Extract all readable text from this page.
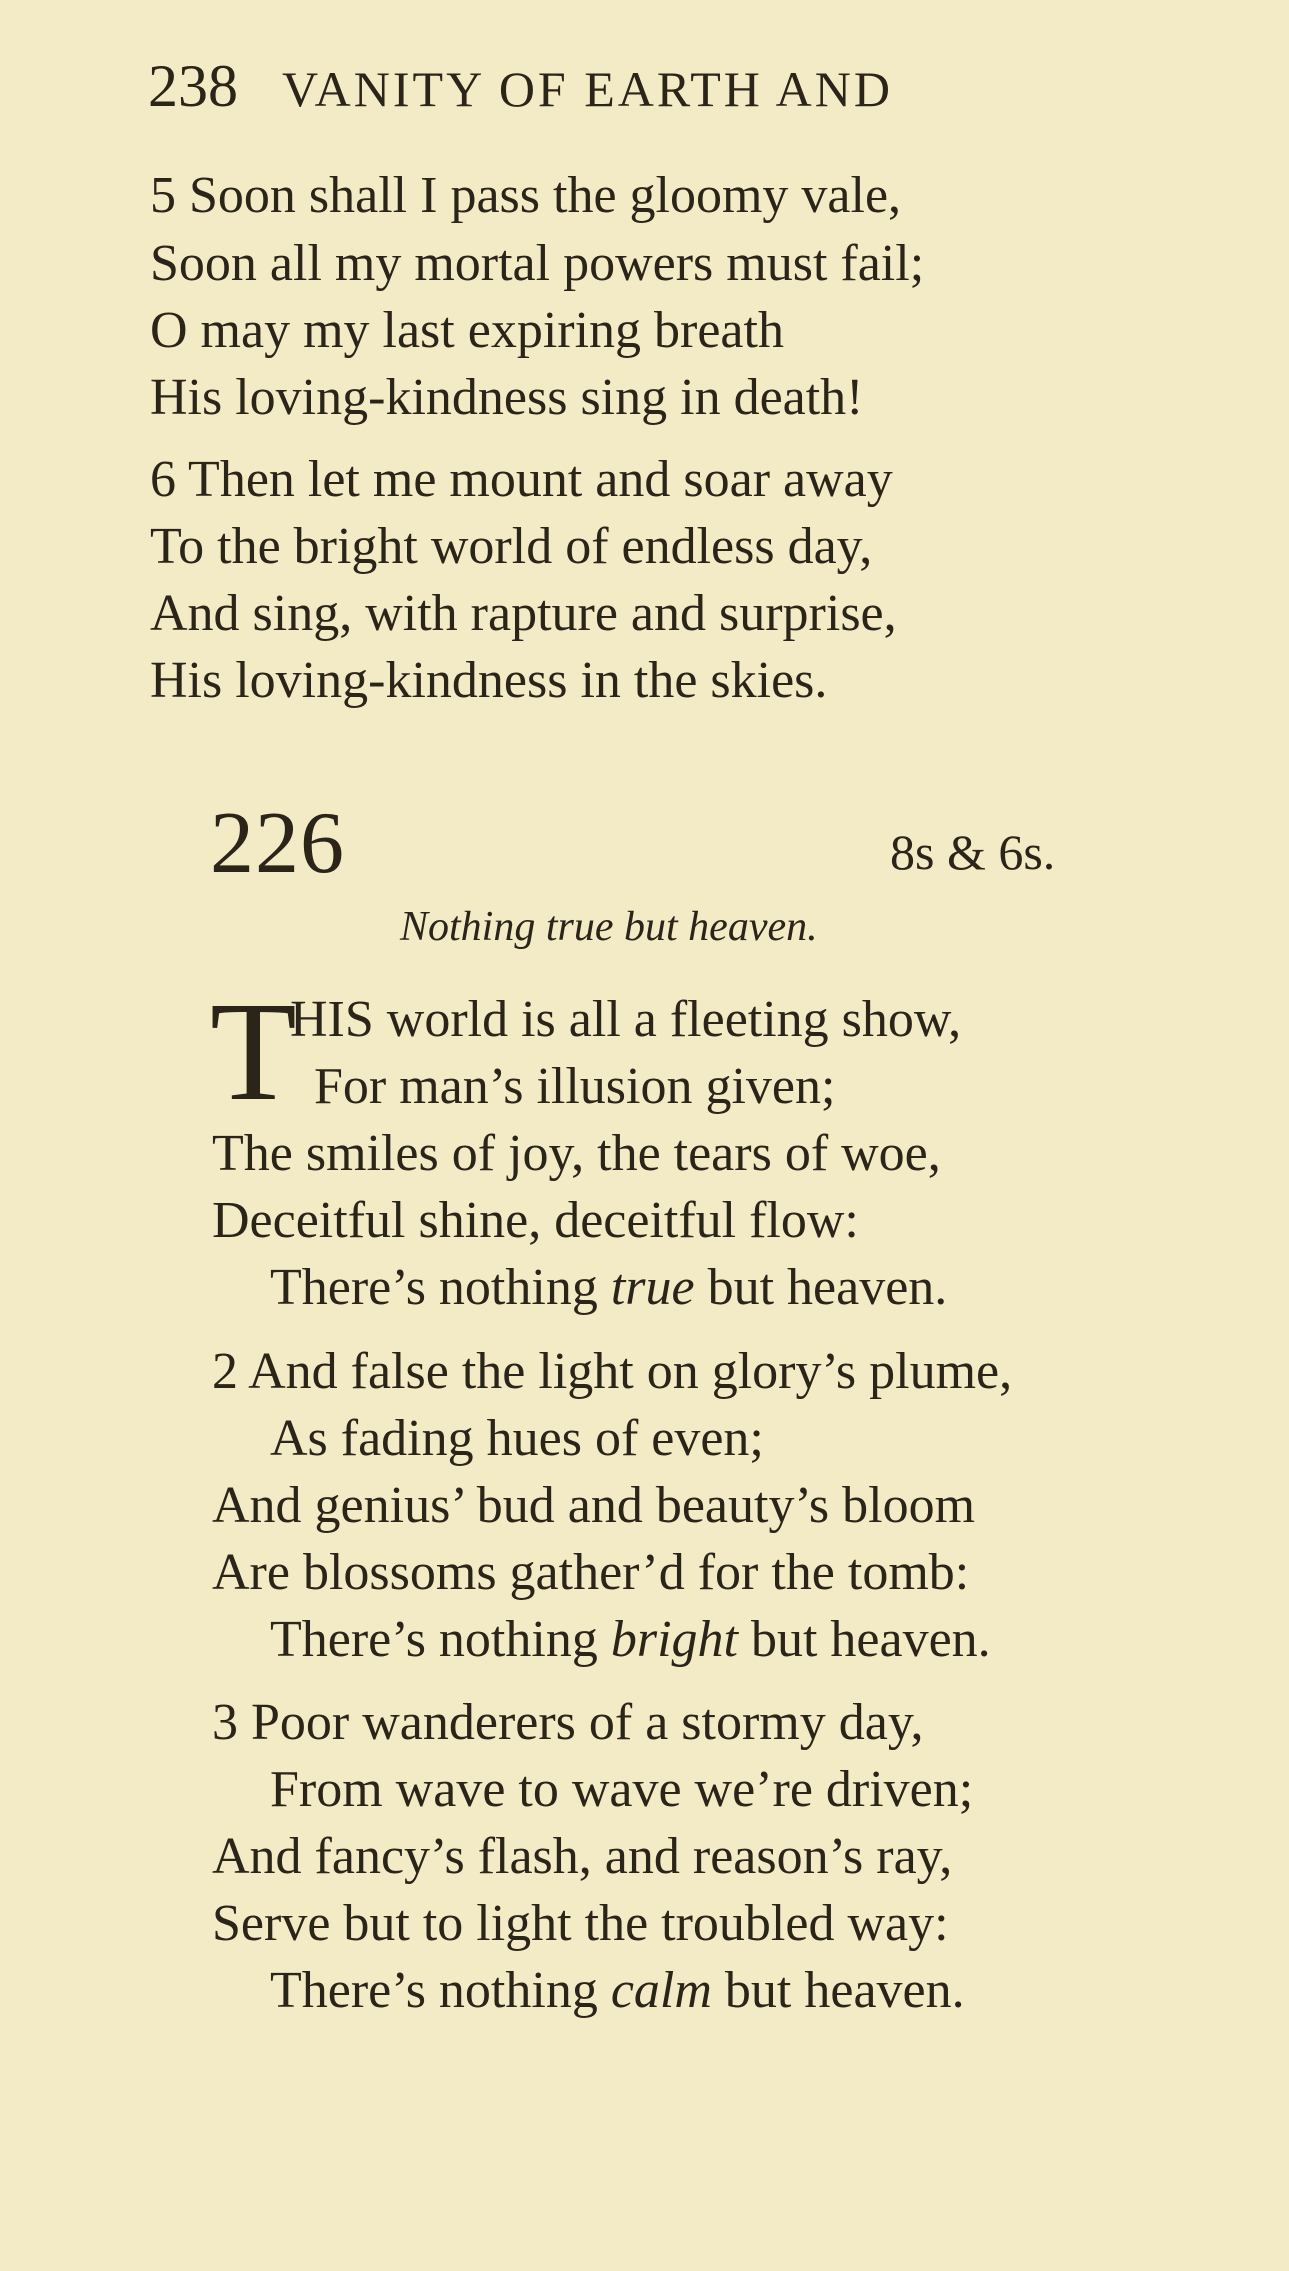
238 VANITY OF EARTH AND
5 Soon shall I pass the gloomy vale,
Soon all my mortal powers must fail;
O may my last expiring breath
His loving-kindness sing in death!
6 Then let me mount and soar away
To the bright world of endless day,
And sing, with rapture and surprise,
His loving-kindness in the skies.
226	8s & 6s.
Nothing true but heaven.
T
HIS world is all a fleeting show,
For man’s illusion given;
The smiles of joy, the tears of woe,
Deceitful shine, deceitful flow:
There’s nothing true but heaven.
2 And false the light on glory’s plume,
As fading hues of even;
And genius’ bud and beauty’s bloom
Are blossoms gather’d for the tomb:
There’s nothing bright but heaven.
3 Poor wanderers of a stormy day,
From wave to wave we’re driven;
And fancy’s flash, and reason’s ray,
Serve but to light the troubled way:
There’s nothing calm but heaven.
